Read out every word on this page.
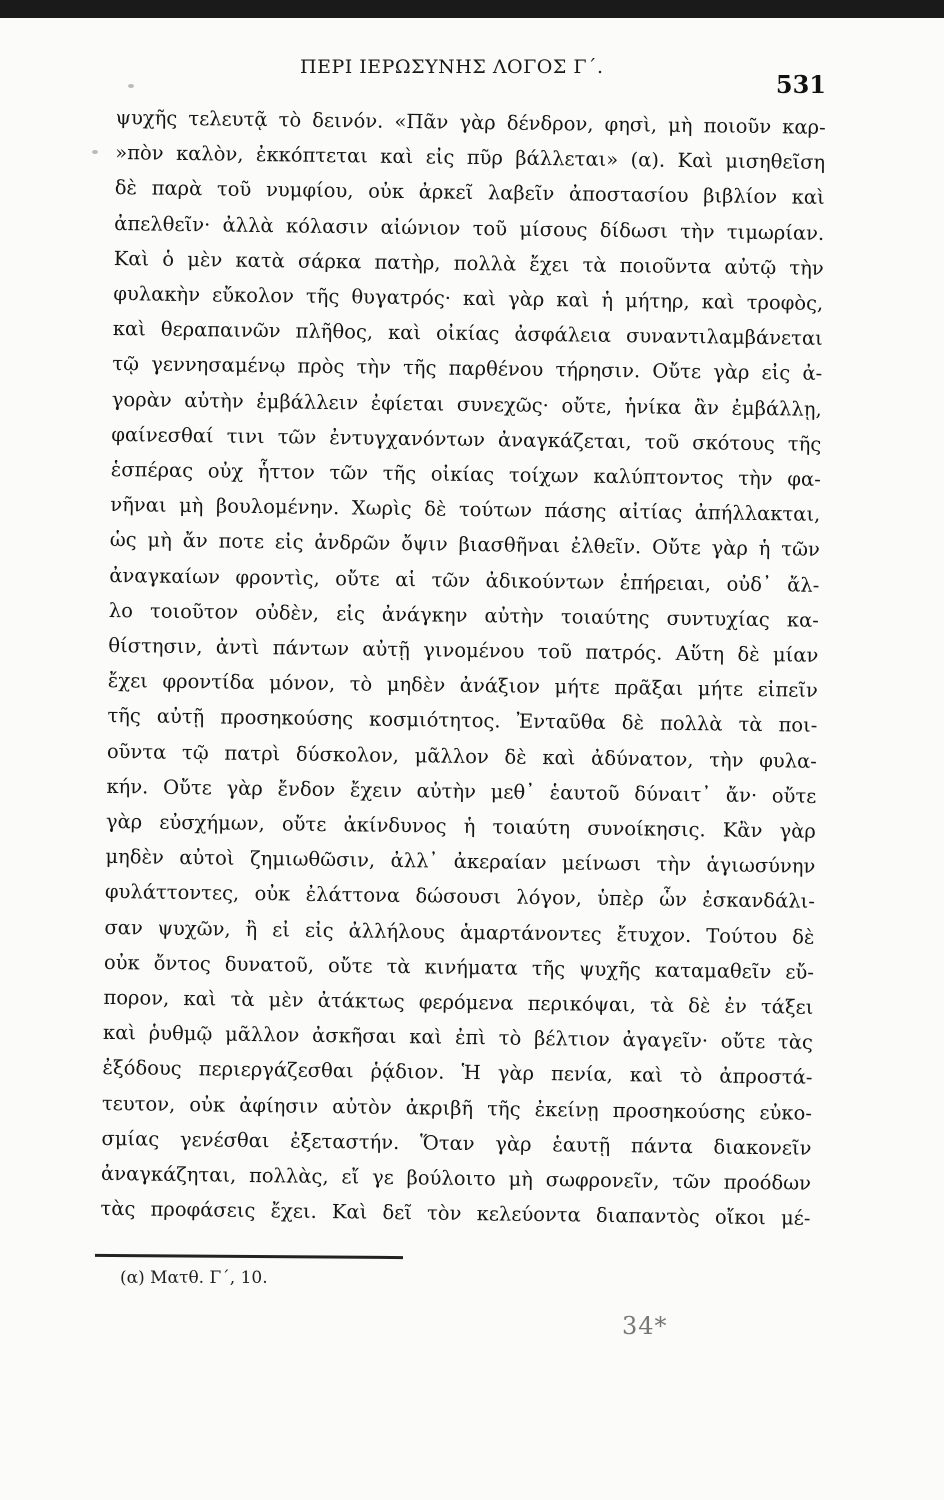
ΠΕΡΙ ΙΕΡΩΣΥΝΗΣ ΛΟΓΟΣ Γ΄.
531
ψυχῆς τελευτᾷ τὸ δεινόν. «Πᾶν γὰρ δένδρον, φησὶ, μὴ ποιοῦν καρ-
»πὸν καλὸν, ἐκκόπτεται καὶ εἰς πῦρ βάλλεται» (α). Καὶ μισηθεῖση
δὲ παρὰ τοῦ νυμφίου, οὐκ ἀρκεῖ λαβεῖν ἀποστασίου βιβλίον καὶ
ἀπελθεῖν· ἀλλὰ κόλασιν αἰώνιον τοῦ μίσους δίδωσι τὴν τιμωρίαν.
Καὶ ὁ μὲν κατὰ σάρκα πατὴρ, πολλὰ ἔχει τὰ ποιοῦντα αὐτῷ τὴν
φυλακὴν εὔκολον τῆς θυγατρός· καὶ γὰρ καὶ ἡ μήτηρ, καὶ τροφὸς,
καὶ θεραπαινῶν πλῆθος, καὶ οἰκίας ἀσφάλεια συναντιλαμβάνεται
τῷ γεννησαμένῳ πρὸς τὴν τῆς παρθένου τήρησιν. Οὔτε γὰρ εἰς ἀ-
γορὰν αὐτὴν ἐμβάλλειν ἐφίεται συνεχῶς· οὔτε, ἡνίκα ἂν ἐμβάλλῃ,
φαίνεσθαί τινι τῶν ἐντυγχανόντων ἀναγκάζεται, τοῦ σκότους τῆς
ἑσπέρας οὐχ ἧττον τῶν τῆς οἰκίας τοίχων καλύπτοντος τὴν φα-
νῆναι μὴ βουλομένην. Χωρὶς δὲ τούτων πάσης αἰτίας ἀπήλλακται,
ὡς μὴ ἄν ποτε εἰς ἀνδρῶν ὄψιν βιασθῆναι ἐλθεῖν. Οὔτε γὰρ ἡ τῶν
ἀναγκαίων φροντὶς, οὔτε αἱ τῶν ἀδικούντων ἐπήρειαι, οὐδ᾽ ἄλ-
λο τοιοῦτον οὐδὲν, εἰς ἀνάγκην αὐτὴν τοιαύτης συντυχίας κα-
θίστησιν, ἀντὶ πάντων αὐτῇ γινομένου τοῦ πατρός. Αὕτη δὲ μίαν
ἔχει φροντίδα μόνον, τὸ μηδὲν ἀνάξιον μήτε πρᾶξαι μήτε εἰπεῖν
τῆς αὐτῇ προσηκούσης κοσμιότητος. Ἐνταῦθα δὲ πολλὰ τὰ ποι-
οῦντα τῷ πατρὶ δύσκολον, μᾶλλον δὲ καὶ ἀδύνατον, τὴν φυλα-
κήν. Οὔτε γὰρ ἔνδον ἔχειν αὐτὴν μεθ᾽ ἑαυτοῦ δύναιτ᾽ ἄν· οὔτε
γὰρ εὐσχήμων, οὔτε ἀκίνδυνος ἡ τοιαύτη συνοίκησις. Κἂν γὰρ
μηδὲν αὐτοὶ ζημιωθῶσιν, ἀλλ᾽ ἀκεραίαν μείνωσι τὴν ἁγιωσύνην
φυλάττοντες, οὐκ ἐλάττονα δώσουσι λόγον, ὑπὲρ ὧν ἐσκανδάλι-
σαν ψυχῶν, ἢ εἰ εἰς ἀλλήλους ἁμαρτάνοντες ἔτυχον. Τούτου δὲ
οὐκ ὄντος δυνατοῦ, οὔτε τὰ κινήματα τῆς ψυχῆς καταμαθεῖν εὔ-
πορον, καὶ τὰ μὲν ἀτάκτως φερόμενα περικόψαι, τὰ δὲ ἐν τάξει
καὶ ῥυθμῷ μᾶλλον ἀσκῆσαι καὶ ἐπὶ τὸ βέλτιον ἀγαγεῖν· οὔτε τὰς
ἐξόδους περιεργάζεσθαι ῥᾴδιον. Ἡ γὰρ πενία, καὶ τὸ ἀπροστά-
τευτον, οὐκ ἀφίησιν αὐτὸν ἀκριβῆ τῆς ἐκείνῃ προσηκούσης εὐκο-
σμίας γενέσθαι ἐξεταστήν. Ὅταν γὰρ ἑαυτῇ πάντα διακονεῖν
ἀναγκάζηται, πολλὰς, εἴ γε βούλοιτο μὴ σωφρονεῖν, τῶν προόδων
τὰς προφάσεις ἔχει. Καὶ δεῖ τὸν κελεύοντα διαπαντὸς οἴκοι μέ-
(α) Ματθ. Γ΄, 10.
34*
